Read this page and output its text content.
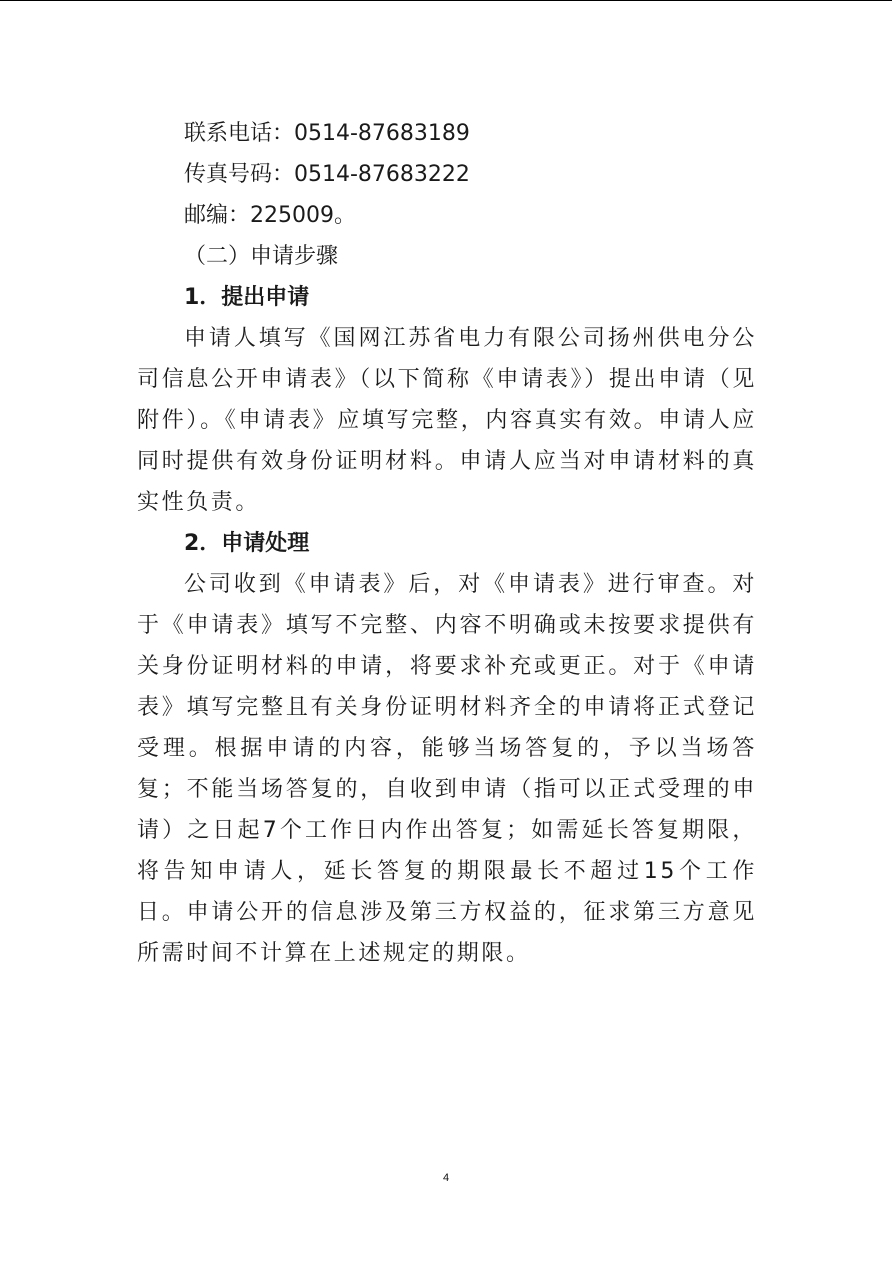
联系电话：0514-87683189
传真号码：0514-87683222
邮编：225009。
（二）申请步骤
1．提出申请

申请人填写《国网江苏省电力有限公司扬州供电分公司信息公开申请表》（以下简称《申请表》）提出申请（见附件）。《申请表》应填写完整，内容真实有效。申请人应同时提供有效身份证明材料。申请人应当对申请材料的真实性负责。

2．申请处理

公司收到《申请表》后，对《申请表》进行审查。对于《申请表》填写不完整、内容不明确或未按要求提供有关身份证明材料的申请，将要求补充或更正。对于《申请表》填写完整且有关身份证明材料齐全的申请将正式登记受理。根据申请的内容，能够当场答复的，予以当场答复；不能当场答复的，自收到申请（指可以正式受理的申请）之日起7个工作日内作出答复；如需延长答复期限，将告知申请人，延长答复的期限最长不超过15个工作日。申请公开的信息涉及第三方权益的，征求第三方意见所需时间不计算在上述规定的期限。

4
